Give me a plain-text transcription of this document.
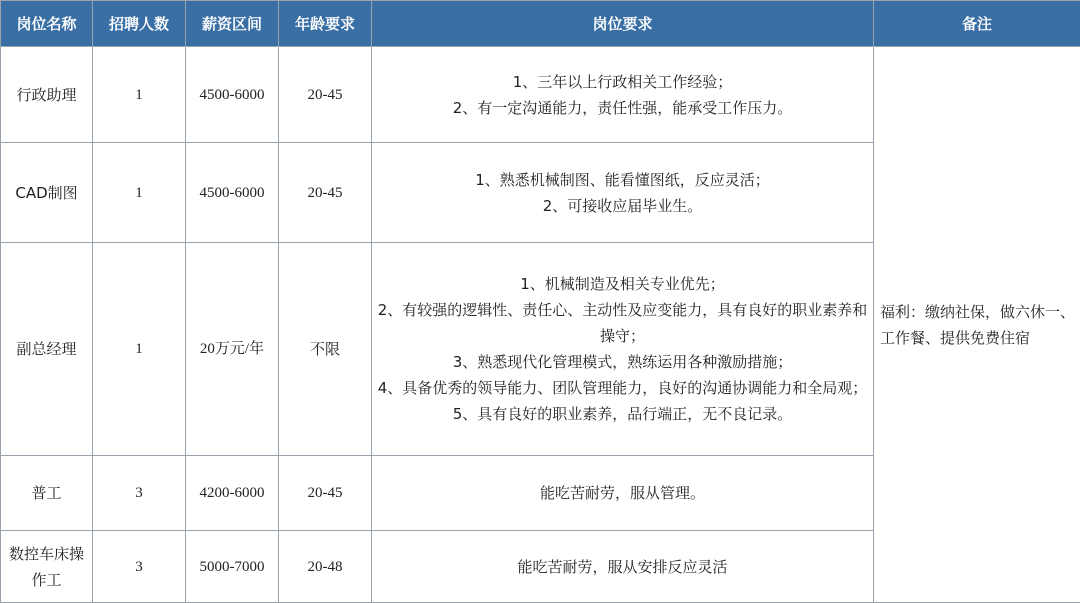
岗位名称	招聘人数	薪资区间	年龄要求	岗位要求	备注
行政助理	1	4500-6000	20-45	1、三年以上行政相关工作经验；
2、有一定沟通能力，责任性强，能承受工作压力。	福利：缴纳社保，做六休一、工作餐、提供免费住宿
CAD制图	1	4500-6000	20-45	1、熟悉机械制图、能看懂图纸，反应灵活；
2、可接收应届毕业生。	

副总经理	1	20万元/年	不限	1、机械制造及相关专业优先；
2、有较强的逻辑性、责任心、主动性及应变能力，具有良好的职业素养和操守；
3、熟悉现代化管理模式，熟练运用各种激励措施；
4、具备优秀的领导能力、团队管理能力，良好的沟通协调能力和全局观；
5、具有良好的职业素养，品行端正，无不良记录。	

普工	3	4200-6000	20-45	能吃苦耐劳，服从管理。	

数控车床操作工	3	5000-7000	20-48	能吃苦耐劳，服从安排反应灵活	
